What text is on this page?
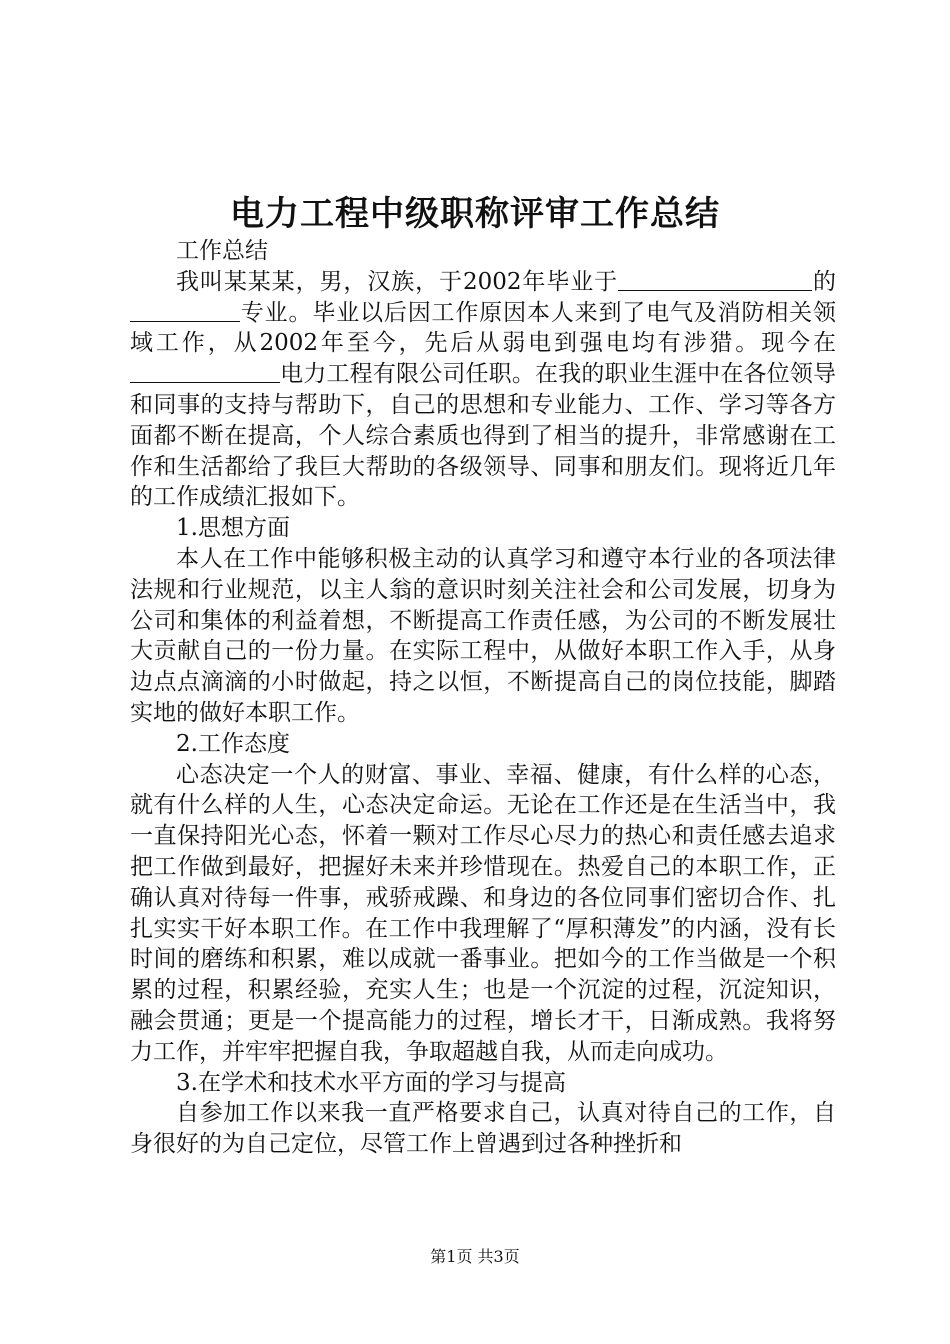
电力工程中级职称评审工作总结

工作总结

我叫某某某，男，汉族，于2002年毕业于	的专业。毕业以后因工作原因本人来到了电气及消防相关领域工作，从2002年至今，先后从弱电到强电均有涉猎。现今在电力工程有限公司任职。在我的职业生涯中在各位领导和同事的支持与帮助下，自己的思想和专业能力、工作、学习等各方面都不断在提高，个人综合素质也得到了相当的提升，非常感谢在工作和生活都给了我巨大帮助的各级领导、同事和朋友们。现将近几年的工作成绩汇报如下。

1.思想方面

本人在工作中能够积极主动的认真学习和遵守本行业的各项法律法规和行业规范，以主人翁的意识时刻关注社会和公司发展，切身为公司和集体的利益着想，不断提高工作责任感，为公司的不断发展壮大贡献自己的一份力量。在实际工程中，从做好本职工作入手，从身边点点滴滴的小时做起，持之以恒，不断提高自己的岗位技能，脚踏实地的做好本职工作。

2.工作态度

心态决定一个人的财富、事业、幸福、健康，有什么样的心态，就有什么样的人生，心态决定命运。无论在工作还是在生活当中，我一直保持阳光心态，怀着一颗对工作尽心尽力的热心和责任感去追求把工作做到最好，把握好未来并珍惜现在。热爱自己的本职工作，正确认真对待每一件事，戒骄戒躁、和身边的各位同事们密切合作、扎扎实实干好本职工作。在工作中我理解了“厚积薄发”的内涵，没有长时间的磨练和积累，难以成就一番事业。把如今的工作当做是一个积累的过程，积累经验，充实人生；也是一个沉淀的过程，沉淀知识，融会贯通；更是一个提高能力的过程，增长才干，日渐成熟。我将努力工作，并牢牢把握自我，争取超越自我，从而走向成功。

3.在学术和技术水平方面的学习与提高

自参加工作以来我一直严格要求自己，认真对待自己的工作，自身很好的为自己定位，尽管工作上曾遇到过各种挫折和

第1页 共3页
